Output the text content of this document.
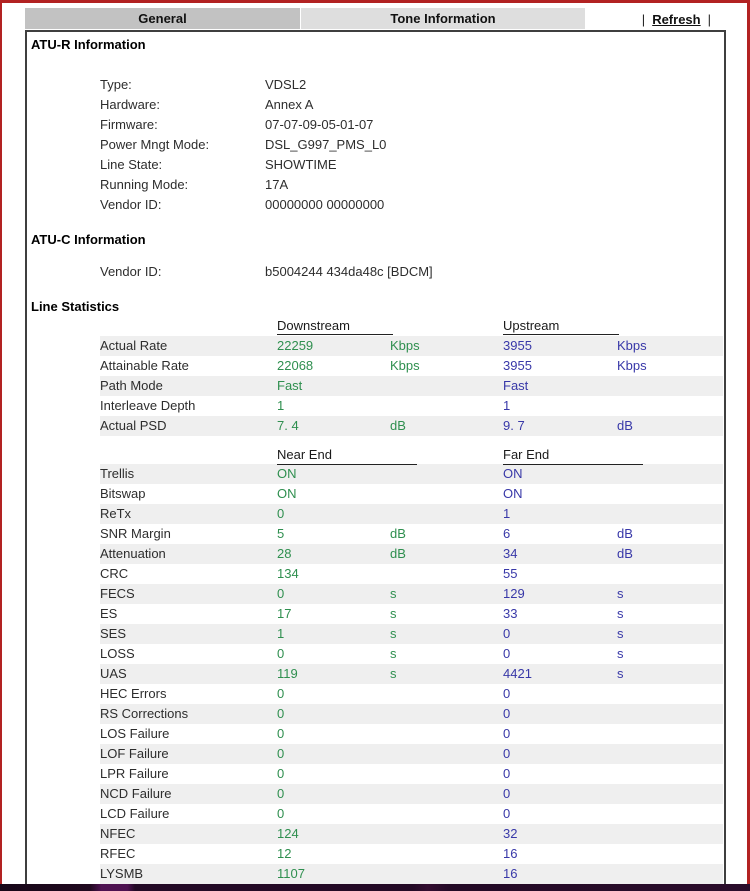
General	Tone Information	| Refresh |
ATU-R Information
Type:	VDSL2
Hardware:	Annex A
Firmware:	07-07-09-05-01-07
Power Mngt Mode:	DSL_G997_PMS_L0
Line State:	SHOWTIME
Running Mode:	17A
Vendor ID:	00000000 00000000
ATU-C Information
Vendor ID:	b5004244 434da48c [BDCM]
Line Statistics
Downstream	Upstream
Actual Rate	22259	Kbps	3955	Kbps
Attainable Rate	22068	Kbps	3955	Kbps
Path Mode	Fast	Fast
Interleave Depth	1	1
Actual PSD	7. 4	dB	9. 7	dB
Near End	Far End
Trellis	ON	ON
Bitswap	ON	ON
ReTx	0	1
SNR Margin	5	dB	6	dB
Attenuation	28	dB	34	dB
CRC	134	55
FECS	0	s	129	s
ES	17	s	33	s
SES	1	s	0	s
LOSS	0	s	0	s
UAS	119	s	4421	s
HEC Errors	0	0
RS Corrections	0	0
LOS Failure	0	0
LOF Failure	0	0
LPR Failure	0	0
NCD Failure	0	0
LCD Failure	0	0
NFEC	124	32
RFEC	12	16
LYSMB	1107	16
